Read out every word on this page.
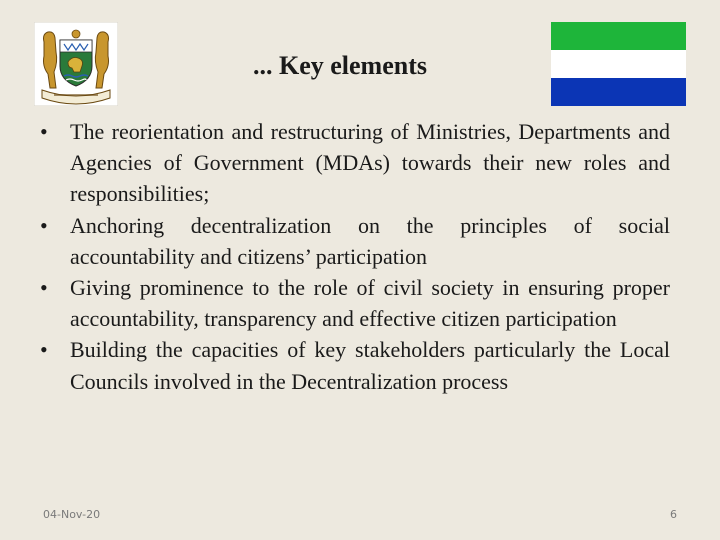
... Key elements
• The reorientation and restructuring of Ministries, Departments and Agencies of Government (MDAs) towards their new roles and responsibilities;
• Anchoring decentralization on the principles of social accountability and citizens’ participation
• Giving prominence to the role of civil society in ensuring proper accountability, transparency and effective citizen participation
• Building the capacities of key stakeholders particularly the Local Councils involved in the Decentralization process
04-Nov-20	6
